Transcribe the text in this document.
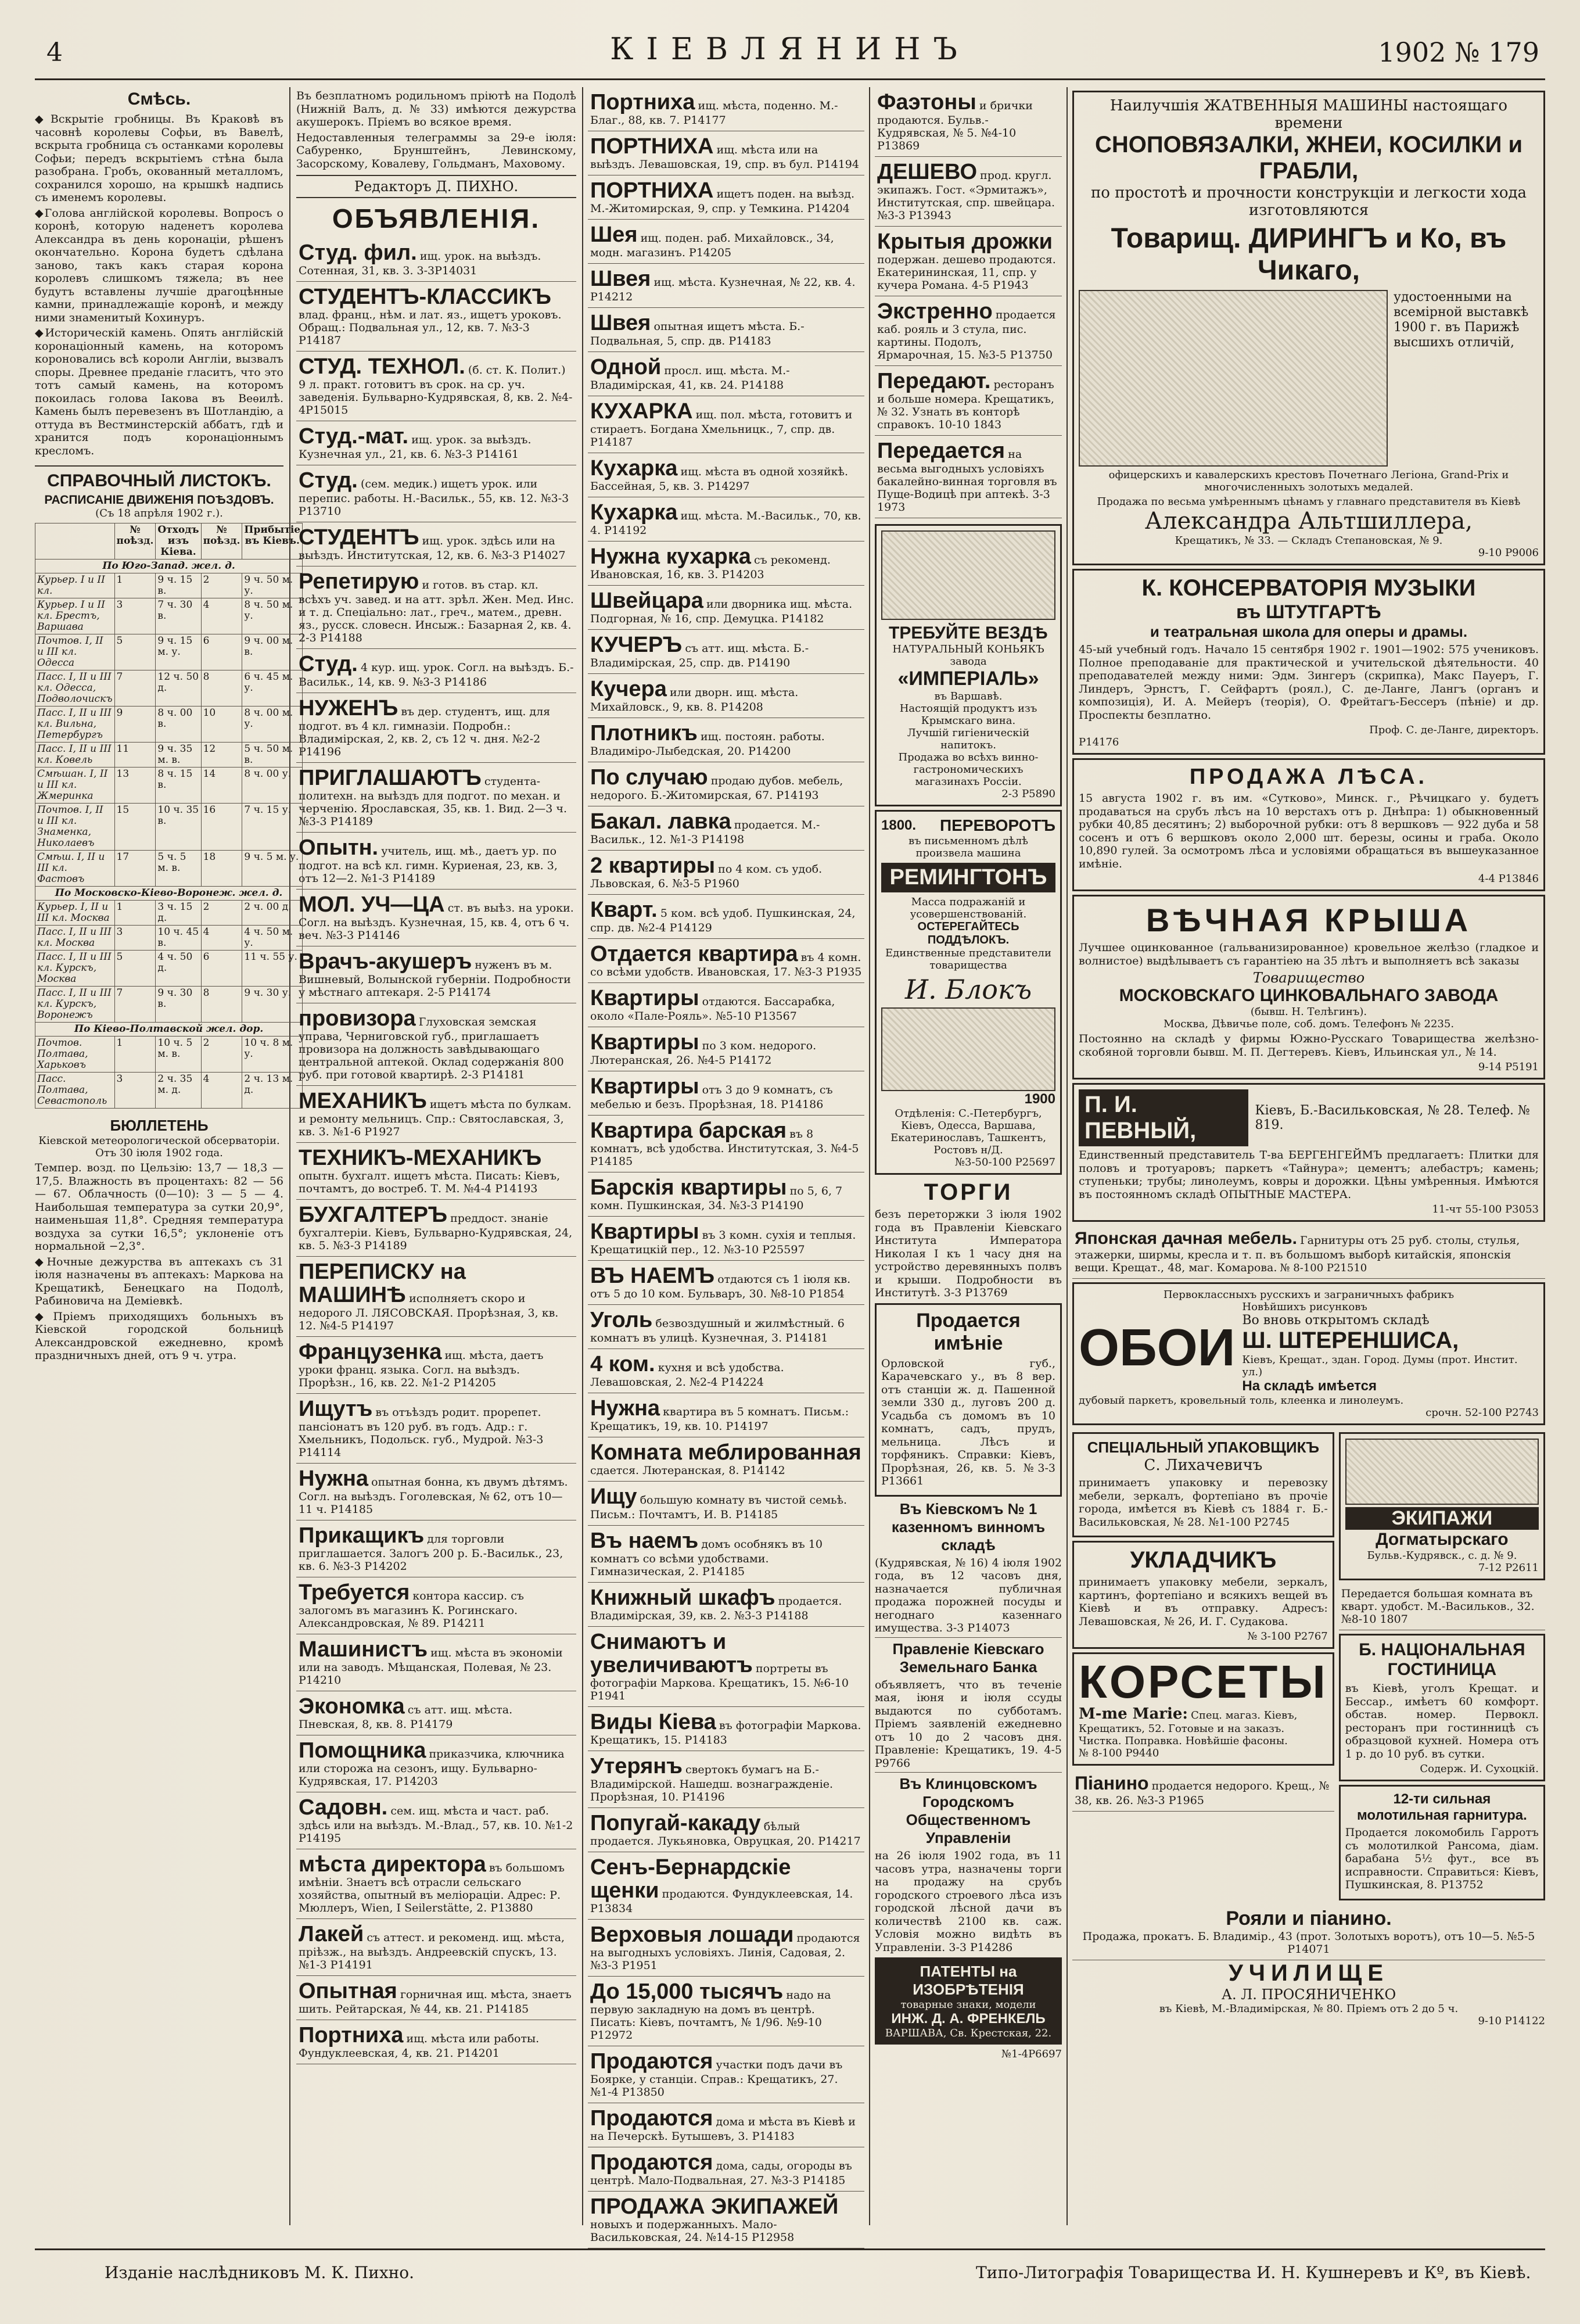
4	КІЕВЛЯНИНЪ	1902 № 179
Смѣсь.
◆Вскрытіе гробницы. Въ Краковѣ въ часовнѣ королевы Софьи, въ Вавелѣ, вскрыта гробница съ останками королевы Софьи; передъ вскрытіемъ стѣна была разобрана. Гробъ, окованный металломъ, сохранился хорошо, на крышкѣ надпись съ именемъ королевы.
◆Голова англійской королевы. Вопросъ о коронѣ, которую наденетъ королева Александра въ день коронаціи, рѣшенъ окончательно. Корона будетъ сдѣлана заново, такъ какъ старая корона королевъ слишкомъ тяжела; въ нее будутъ вставлены лучшіе драгоцѣнные камни, принадлежащіе коронѣ, и между ними знаменитый Кохинуръ.
◆Историческій камень. Опять англійскій коронаціонный камень, на которомъ короновались всѣ короли Англіи, вызвалъ споры. Древнее преданіе гласитъ, что это тотъ самый камень, на которомъ покоилась голова Іакова въ Веѳилѣ. Камень былъ перевезенъ въ Шотландію, а оттуда въ Вестминстерскій аббатъ, гдѣ и хранится подъ коронаціоннымъ кресломъ.
СПРАВОЧНЫЙ ЛИСТОКЪ.
РАСПИСАНІЕ ДВИЖЕНІЯ ПОѢЗДОВЪ.
(Съ 18 апрѣля 1902 г.).
	№ поѣзд.	Отходъ изъ Кіева.	№ поѣзд.	Прибытіе въ Кіевъ.
По Юго-Запад. жел. д.				
Курьер. I и II кл.	1	9 ч. 15 в.	2	9 ч. 50 м. у.
Курьер. I и II кл. Брестъ, Варшава	3	7 ч. 30 в.	4	8 ч. 50 м. у.
Почтов. I, II и III кл. Одесса	5	9 ч. 15 м. у.	6	9 ч. 00 м. в.
Пасс. I, II и III кл. Одесса, Подволочискъ	7	12 ч. 50 д.	8	6 ч. 45 м. у.
Пасс. I, II и III кл. Вильна, Петербургъ	9	8 ч. 00 в.	10	8 ч. 00 м. у.
Пасс. I, II и III кл. Ковель	11	9 ч. 35 м. в.	12	5 ч. 50 м. в.
Смѣшан. I, II и III кл. Жмеринка	13	8 ч. 15 в.	14	8 ч. 00 у.
Почтов. I, II и III кл. Знаменка, Николаевъ	15	10 ч. 35 в.	16	7 ч. 15 у.
Смѣш. I, II и III кл. Фастовъ	17	5 ч. 5 м. в.	18	9 ч. 5 м. у.
По Московско-Кіево-Воронеж. жел. д.				
Курьер. I, II и III кл. Москва	1	3 ч. 15 д.	2	2 ч. 00 д.
Пасс. I, II и III кл. Москва	3	10 ч. 45 в.	4	4 ч. 50 м. у.
Пасс. I, II и III кл. Курскъ, Москва	5	4 ч. 50 д.	6	11 ч. 55 у.
Пасс. I, II и III кл. Курскъ, Воронежъ	7	9 ч. 30 в.	8	9 ч. 30 у.
По Кіево-Полтавской жел. дор.				
Почтов. Полтава, Харьковъ	1	10 ч. 5 м. в.	2	10 ч. 8 м. у.
Пасс. Полтава, Севастополь	3	2 ч. 35 м. д.	4	2 ч. 13 м. д.
БЮЛЛЕТЕНЬ
Кіевской метеорологической обсерваторіи.
Отъ 30 іюля 1902 года.
Темпер. возд. по Цельзію: 13,7 — 18,3 — 17,5. Влажность въ процентахъ: 82 — 56 — 67. Облачность (0—10): 3 — 5 — 4. Наибольшая температура за сутки 20,9°, наименьшая 11,8°. Средняя температура воздуха за сутки 16,5°; уклоненіе отъ нормальной −2,3°.
◆Ночные дежурства въ аптекахъ съ 31 іюля назначены въ аптекахъ: Маркова на Крещатикѣ, Бенецкаго на Подолѣ, Рабиновича на Демiевкѣ.
◆Пріемъ приходящихъ больныхъ въ Кіевской городской больницѣ Александровской ежедневно, кромѣ праздничныхъ дней, отъ 9 ч. утра.
Въ безплатномъ родильномъ пріютѣ на Подолѣ (Нижній Валъ, д. № 33) имѣются дежурства акушерокъ. Пріемъ во всякое время.
Недоставленныя телеграммы за 29-е іюля: Сабуренко, Брунштейнъ, Левинскому, Засорскому, Ковалеву, Гольдманъ, Маховому.
Редакторъ Д. ПИХНО.
ОБЪЯВЛЕНІЯ.
Студ. фил. ищ. урок. на выѣздъ. Сотенная, 31, кв. 3. 3-3Р14031
СТУДЕНТЪ-КЛАССИКЪ влад. франц., нѣм. и лат. яз., ищетъ уроковъ. Обращ.: Подвальная ул., 12, кв. 7. №3-3 Р14187
СТУД. ТЕХНОЛ. (б. ст. К. Полит.) 9 л. практ. готовитъ въ срок. на ср. уч. заведенія. Бульварно-Кудрявская, 8, кв. 2. №4-4Р15015
Студ.-мат. ищ. урок. за выѣздъ. Кузнечная ул., 21, кв. 6. №3-3 Р14161
Студ. (сем. медик.) ищетъ урок. или перепис. работы. Н.-Васильк., 55, кв. 12. №3-3 Р13710
СТУДЕНТЪ ищ. урок. здѣсь или на выѣздъ. Институтская, 12, кв. 6. №3-3 Р14027
Репетирую и готов. въ стар. кл. всѣхъ уч. завед. и на атт. зрѣл. Жен. Мед. Инс. и т. д. Спецiально: лат., греч., матем., древн. яз., русск. словесн. Инсыж.: Базарная 2, кв. 4. 2-3 Р14188
Студ. 4 кур. ищ. урок. Согл. на выѣздъ. Б.-Васильк., 14, кв. 9. №3-3 Р14186
НУЖЕНЪ въ дер. студентъ, ищ. для подгот. въ 4 кл. гимназіи. Подробн.: Владимірская, 2, кв. 2, съ 12 ч. дня. №2-2 Р14196
ПРИГЛАШАЮТЪ студента-политехн. на выѣздъ для подгот. по механ. и черченію. Ярославская, 35, кв. 1. Вид. 2—3 ч. №3-3 Р14189
Опытн. учитель, ищ. мѣ., даетъ ур. по подгот. на всѣ кл. гимн. Куриеная, 23, кв. 3, отъ 12—2. №1-3 Р14189
МОЛ. УЧ—ЦА ст. въ выѣз. на уроки. Согл. на выѣздъ. Кузнечная, 15, кв. 4, отъ 6 ч. веч. №3-3 Р14146
Врачъ-акушеръ нуженъ въ м. Вишневый, Волынской губерніи. Подробности у мѣстнаго аптекаря. 2-5 Р14174
провизора Глуховская земская управа, Черниговской губ., приглашаетъ провизора на должность завѣдывающаго центральной аптекой. Оклад содержанія 800 руб. при готовой квартирѣ. 2-3 Р14181
МЕХАНИКЪ ищетъ мѣста по булкам. и ремонту мельницъ. Спр.: Святославская, 3, кв. 3. №1-6 Р1927
ТЕХНИКЪ-МЕХАНИКЪ опытн. бухгалт. ищетъ мѣста. Писать: Кіевъ, почтамтъ, до востреб. Т. М. №4-4 Р14193
БУХГАЛТЕРЪ преддост. знаніе бухгалтеріи. Кіевъ, Бульварно-Кудрявская, 24, кв. 5. №3-3 Р14189
ПЕРЕПИСКУ на МАШИНѢ исполняетъ скоро и недорого Л. ЛЯСОВСКАЯ. Прорѣзная, 3, кв. 12. №4-5 Р14197
Французенка ищ. мѣста, даетъ уроки франц. языка. Согл. на выѣздъ. Прорѣзн., 16, кв. 22. №1-2 Р14205
Ищутъ въ отъѣздъ родит. прорепет. пансіонатъ въ 120 руб. въ годъ. Адр.: г. Хмельникъ, Подольск. губ., Мудрой. №3-3 Р14114
Нужна опытная бонна, къ двумъ дѣтямъ. Согл. на выѣздъ. Гоголевская, № 62, отъ 10—11 ч. Р14185
Прикащикъ для торговли приглашается. Залогъ 200 р. Б.-Васильк., 23, кв. 6. №3-3 Р14202
Требуется контора кассир. съ залогомъ въ магазинъ К. Рогинскаго. Александровская, № 89. Р14211
Машинистъ ищ. мѣста въ экономіи или на заводъ. Мѣщанская, Полевая, № 23. Р14210
Экономка съ атт. ищ. мѣста. Пневская, 8, кв. 8. Р14179
Помощника приказчика, ключника или сторожа на сезонъ, ищу. Бульварно-Кудрявская, 17. Р14203
Садовн. сем. ищ. мѣста и част. раб. здѣсь или на выѣздъ. М.-Влад., 57, кв. 10. №1-2 Р14195
мѣста директора въ большомъ имѣніи. Знаетъ всѣ отрасли сельскаго хозяйства, опытный въ мелiораціи. Адрес: Р. Мюллеръ, Wien, I Seilerstätte, 2. Р13880
Лакей съ аттест. и рекоменд. ищ. мѣста, пріѣзж., на выѣздъ. Андреевскій спускъ, 13. №1-3 Р14191
Опытная горничная ищ. мѣста, знаетъ шить. Рейтарская, № 44, кв. 21. Р14185
Портниха ищ. мѣста или работы. Фундуклеевская, 4, кв. 21. Р14201
Портниха ищ. мѣста, поденно. М.-Благ., 88, кв. 7. Р14177
ПОРТНИХА ищ. мѣста или на выѣздъ. Левашовская, 19, спр. въ бул. Р14194
ПОРТНИХА ищетъ поден. на выѣзд. М.-Житомирская, 9, спр. у Темкина. Р14204
Шея ищ. поден. раб. Михайловск., 34, модн. магазинъ. Р14205
Швея ищ. мѣста. Кузнечная, № 22, кв. 4. Р14212
Швея опытная ищетъ мѣста. Б.-Подвальная, 5, спр. дв. Р14183
Одной просл. ищ. мѣста. М.-Владимірская, 41, кв. 24. Р14188
КУХАРКА ищ. пол. мѣста, готовитъ и стираетъ. Богдана Хмельницк., 7, спр. дв. Р14187
Кухарка ищ. мѣста въ одной хозяйкѣ. Бассейная, 5, кв. 3. Р14297
Кухарка ищ. мѣста. М.-Васильк., 70, кв. 4. Р14192
Нужна кухарка съ рекоменд. Ивановская, 16, кв. 3. Р14203
Швейцара или дворника ищ. мѣста. Подгорная, № 16, спр. Демуцка. Р14182
КУЧЕРЪ съ атт. ищ. мѣста. Б.-Владимірская, 25, спр. дв. Р14190
Кучера или дворн. ищ. мѣста. Михайловск., 9, кв. 8. Р14208
Плотникъ ищ. постоян. работы. Владиміро-Лыбедская, 20. Р14200
По случаю продаю дубов. мебель, недорого. Б.-Житомирская, 67. Р14193
Бакал. лавка продается. М.-Васильк., 12. №1-3 Р14198
2 квартиры по 4 ком. съ удоб. Львовская, 6. №3-5 Р1960
Кварт. 5 ком. всѣ удоб. Пушкинская, 24, спр. дв. №2-4 Р14129
Отдается квартира въ 4 комн. со всѣми удобств. Ивановская, 17. №3-3 Р1935
Квартиры отдаются. Бассарабка, около «Пале-Рояль». №5-10 Р13567
Квартиры по 3 ком. недорого. Лютеранская, 26. №4-5 Р14172
Квартиры отъ 3 до 9 комнатъ, съ мебелью и безъ. Прорѣзная, 18. Р14186
Квартира барская въ 8 комнатъ, всѣ удобства. Институтская, 3. №4-5 Р14185
Барскія квартиры по 5, 6, 7 комн. Пушкинская, 34. №3-3 Р14190
Квартиры въ 3 комн. сухія и теплыя. Крещатицкій пер., 12. №3-10 Р25597
ВЪ НАЕМЪ отдаются съ 1 іюля кв. отъ 5 до 10 ком. Бульваръ, 30. №8-10 Р1854
Уголь безвоздушный и жилмѣстный. 6 комнатъ въ улицѣ. Кузнечная, 3. Р14181
4 ком. кухня и всѣ удобства. Левашовская, 2. №2-4 Р14224
Нужна квартира въ 5 комнатъ. Письм.: Крещатикъ, 19, кв. 10. Р14197
Комната меблированная сдается. Лютеранская, 8. Р14142
Ищу большую комнату въ чистой семьѣ. Письм.: Почтамтъ, И. В. Р14185
Въ наемъ домъ особнякъ въ 10 комнатъ со всѣми удобствами. Гимназическая, 2. Р14185
Книжный шкафъ продается. Владимірская, 39, кв. 2. №3-3 Р14188
Снимаютъ и увеличиваютъ портреты въ фотографіи Маркова. Крещатикъ, 15. №6-10 Р1941
Виды Кіева въ фотографіи Маркова. Крещатикъ, 15. Р14183
Утерянъ свертокъ бумагъ на Б.-Владимірской. Нашедш. вознагражденіе. Прорѣзная, 10. Р14196
Попугай-какаду бѣлый продается. Лукьяновка, Овруцкая, 20. Р14217
Сенъ-Бернардскіе щенки продаются. Фундуклеевская, 14. Р13834
Верховыя лошади продаются на выгодныхъ условіяхъ. Линія, Садовая, 2. №3-3 Р1951
До 15,000 тысячъ надо на первую закладную на домъ въ центрѣ. Писать: Кіевъ, почтамтъ, № 1/96. №9-10 Р12972
Продаются участки подъ дачи въ Боярке, у станціи. Справ.: Крещатикъ, 27. №1-4 Р13850
Продаются дома и мѣста въ Кіевѣ и на Печерскѣ. Бутышевъ, 3. Р14183
Продаются дома, сады, огороды въ центрѣ. Мало-Подвальная, 27. №3-3 Р14185
ПРОДАЖА ЭКИПАЖЕЙ новыхъ и подержанныхъ. Мало-Васильковская, 24. №14-15 Р12958
Фаэтоны и брички продаются. Бульв.-Кудрявская, № 5. №4-10 Р13869
ДЕШЕВО прод. кругл. экипажъ. Гост. «Эрмитажъ», Институтская, спр. швейцара. №3-3 Р13943
Крытыя дрожки подержан. дешево продаются. Екатерининская, 11, спр. у кучера Романа. 4-5 Р1943
Экстренно продается каб. рояль и 3 стула, пис. картины. Подолъ, Ярмарочная, 15. №3-5 Р13750
Передают. ресторанъ и больше номера. Крещатикъ, № 32. Узнать въ конторѣ справокъ. 10-10 1843
Передается на весьма выгодныхъ условіяхъ бакалейно-винная торговля въ Пуще-Водицѣ при аптекѣ. 3-3 1973
ТРЕБУЙТЕ ВЕЗДѢ
НАТУРАЛЬНЫЙ КОНЬЯКЪ
завода
«ИМПЕРІАЛЬ»
въ Варшавѣ.
Настоящій продуктъ изъ Крымскаго вина.
Лучшій гигіеническій напитокъ.
Продажа во всѣхъ винно-гастрономическихъ магазинахъ Россіи.
2-3 Р5890
1800. ПЕРЕВОРОТЪ
въ письменномъ дѣлѣ произвела машина
РЕМИНГТОНЪ
Масса подражаній и усовершенствованій.
ОСТЕРЕГАЙТЕСЬ ПОДДѢЛОКЪ.
Единственные представители товарищества
И. Блокъ
1900
Отдѣленія: С.-Петербургъ, Кіевъ, Одесса, Варшава, Екатеринославъ, Ташкентъ, Ростовъ н/Д.
№3-50-100 Р25697
ТОРГИ
безъ переторжки 3 іюля 1902 года въ Правленіи Кіевскаго Института Императора Николая I къ 1 часу дня на устройство деревянныхъ полвъ и крыши. Подробности въ Институтѣ. 3-3 Р13769
Продается имѣніе
Орловской губ., Карачевскаго у., въ 8 вер. отъ станціи ж. д. Пашенной земли 330 д., луговъ 200 д. Усадьба съ домомъ въ 10 комнатъ, садъ, прудъ, мельница. Лѣсъ и торфяникъ. Справки: Кіевъ, Прорѣзная, 26, кв. 5. №3-3 Р13661
Въ Кіевскомъ № 1 казенномъ винномъ складѣ
(Кудрявская, № 16) 4 іюля 1902 года, въ 12 часовъ дня, назначается публичная продажа порожней посуды и негоднаго казеннаго имущества. 3-3 Р14073
Правленіе Кіевскаго Земельнаго Банка
объявляетъ, что въ теченіе мая, іюня и іюля ссуды выдаются по субботамъ. Пріемъ заявленій ежедневно отъ 10 до 2 часовъ дня. Правленіе: Крещатикъ, 19. 4-5 Р9766
Въ Клинцовскомъ Городскомъ Общественномъ Управленіи
на 26 іюля 1902 года, въ 11 часовъ утра, назначены торги на продажу на срубъ городского строевого лѣса изъ городской лѣсной дачи въ количествѣ 2100 кв. саж. Условія можно видѣть въ Управленіи. 3-3 Р14286
ПАТЕНТЫ на ИЗОБРѢТЕНІЯ
товарные знаки, модели
ИНЖ. Д. А. ФРЕНКЕЛЬ
ВАРШАВА, Св. Крестская, 22.
№1-4Р6697
Наилучшія ЖАТВЕННЫЯ МАШИНЫ настоящаго времени
СНОПОВЯЗАЛКИ, ЖНЕИ, КОСИЛКИ и ГРАБЛИ,
по простотѣ и прочности конструкціи и легкости хода изготовляются
Товарищ. ДИРИНГЪ и Ко, въ Чикаго,
удостоенными на всемірной выставкѣ 1900 г. въ Парижѣ высшихъ отличій,
офицерскихъ и кавалерскихъ крестовъ Почетнаго Легіона, Grand-Prix и многочисленныхъ золотыхъ медалей.
Продажа по весьма умѣреннымъ цѣнамъ у главнаго представителя въ Кіевѣ
Александра Альтшиллера,
Крещатикъ, № 33. — Складъ Степановская, № 9.
9-10 Р9006
К. КОНСЕРВАТОРІЯ МУЗЫКИ
въ ШТУТГАРТѢ
и театральная школа для оперы и драмы.
45-ый учебный годъ. Начало 15 сентября 1902 г. 1901—1902: 575 учениковъ. Полное преподаваніе для практической и учительской дѣятельности. 40 преподавателей между ними: Эдм. Зингеръ (скрипка), Макс Пауеръ, Г. Линдеръ, Эрнстъ, Г. Сейфартъ (роял.), С. де-Ланге, Лангъ (органъ и композиція), И. А. Мейеръ (теорія), О. Фрейтагъ-Бессеръ (пѣніе) и др. Проспекты безплатно.
Проф. С. де-Ланге, директоръ.
Р14176
ПРОДАЖА ЛѢСА.
15 августа 1902 г. въ им. «Сутково», Минск. г., Рѣчицкаго у. будетъ продаваться на срубъ лѣсъ на 10 верстахъ отъ р. Днѣпра: 1) обыкновенный рубки 40,85 десятинъ; 2) выборочной рубки: отъ 8 вершковъ — 922 дуба и 58 сосенъ и отъ 6 вершковъ около 2,000 шт. березы, осины и граба. Около 10,890 гулей. За осмотромъ лѣса и условіями обращаться въ вышеуказанное имѣніе.
4-4 Р13846
ВѢЧНАЯ КРЫША
Лучшее оцинкованное (гальванизированное) кровельное желѣзо (гладкое и волнистое) выдѣлываетъ съ гарантіею на 35 лѣтъ и выполняетъ всѣ заказы
Товарищество
МОСКОВСКАГО ЦИНКОВАЛЬНАГО ЗАВОДА
(бывш. Н. Телѣгинъ).
Москва, Дѣвичье поле, соб. домъ. Телефонъ № 2235.
Постоянно на складѣ у фирмы Южно-Русскаго Товарищества желѣзно-скобяной торговли бывш. М. П. Дегтеревъ. Кіевъ, Ильинская ул., № 14.
9-14 Р5191
П. И. ПЕВНЫЙ,
Кіевъ, Б.-Васильковская, № 28. Телеф. № 819.
Единственный представитель Т-ва БЕРГЕНГЕЙМЪ предлагаетъ: Плитки для половъ и тротуаровъ; паркетъ «Тайнура»; цементъ; алебастръ; камень; ступеньки; трубы; линолеумъ, ковры и дорожки. Цѣны умѣренныя. Имѣются въ постоянномъ складѣ ОПЫТНЫЕ МАСТЕРА.
11-чт 55-100 Р3053
Японская дачная мебель. Гарнитуры отъ 25 руб. столы, стулья, этажерки, ширмы, кресла и т. п. въ большомъ выборѣ китайскія, японскія вещи. Крещат., 48, маг. Комарова. № 8-100 Р21510
Первоклассныхъ русскихъ и заграничныхъ фабрикъ
ОБОИ
Новѣйшихъ рисунковъ
Во вновь открытомъ складѣ
Ш. ШТЕРЕНШИСА,
Кіевъ, Крещат., здан. Город. Думы (прот. Инстит. ул.)
На складѣ имѣется
дубовый паркетъ, кровельный толь, клеенка и линолеумъ.
срочн. 52-100 Р2743
СПЕЦІАЛЬНЫЙ УПАКОВЩИКЪ
С. Лихачевичъ
принимаетъ упаковку и перевозку мебели, зеркалъ, фортепіано въ прочіе города, имѣется въ Кіевѣ съ 1884 г. Б.-Васильковская, № 28. №1-100 Р2745
УКЛАДЧИКЪ
принимаетъ упаковку мебели, зеркалъ, картинъ, фортепіано и всякихъ вещей въ Кіевѣ и въ отправку. Адресъ: Левашовская, № 26, И. Г. Судакова.
№ 3-100 Р2767
КОРСЕТЫ
M-me Marie: Спец. магаз. Кіевъ, Крещатикъ, 52. Готовые и на заказъ. Чистка. Поправка. Новѣйшіе фасоны.
№ 8-100 Р9440
Піанино продается недорого. Крещ., № 38, кв. 26. №3-3 Р1965
ЭКИПАЖИ
Догматырскаго
Бульв.-Кудрявск., с. д. № 9.
7-12 Р2611
Передается большая комната въ кварт. удобст. М.-Васильков., 32. №8-10 1807
Б. НАЦІОНАЛЬНАЯ ГОСТИНИЦА
въ Кіевѣ, уголъ Крещат. и Бессар., имѣетъ 60 комфорт. обстав. номер. Первокл. ресторанъ при гостинницѣ съ образцовой кухней. Номера отъ 1 р. до 10 руб. въ сутки.
Содерж. И. Сухоцкій.
12-ти сильная молотильная гарнитура.
Продается локомобиль Гарротъ съ молотилкой Рансома, діам. барабана 5½ фут., все въ исправности. Справиться: Кіевъ, Пушкинская, 8. Р13752
Рояли и піанино.
Продажа, прокатъ. Б. Владимір., 43 (прот. Золотыхъ воротъ), отъ 10—5. №5-5 Р14071
УЧИЛИЩЕ
А. Л. ПРОСЯНИЧЕНКО
въ Кіевѣ, М.-Владимірская, № 80. Пріемъ отъ 2 до 5 ч.
9-10 Р14122
Изданіе наслѣдниковъ М. К. Пихно.	Типо-Литографія Товарищества И. Н. Кушнеревъ и Кº, въ Кіевѣ.
